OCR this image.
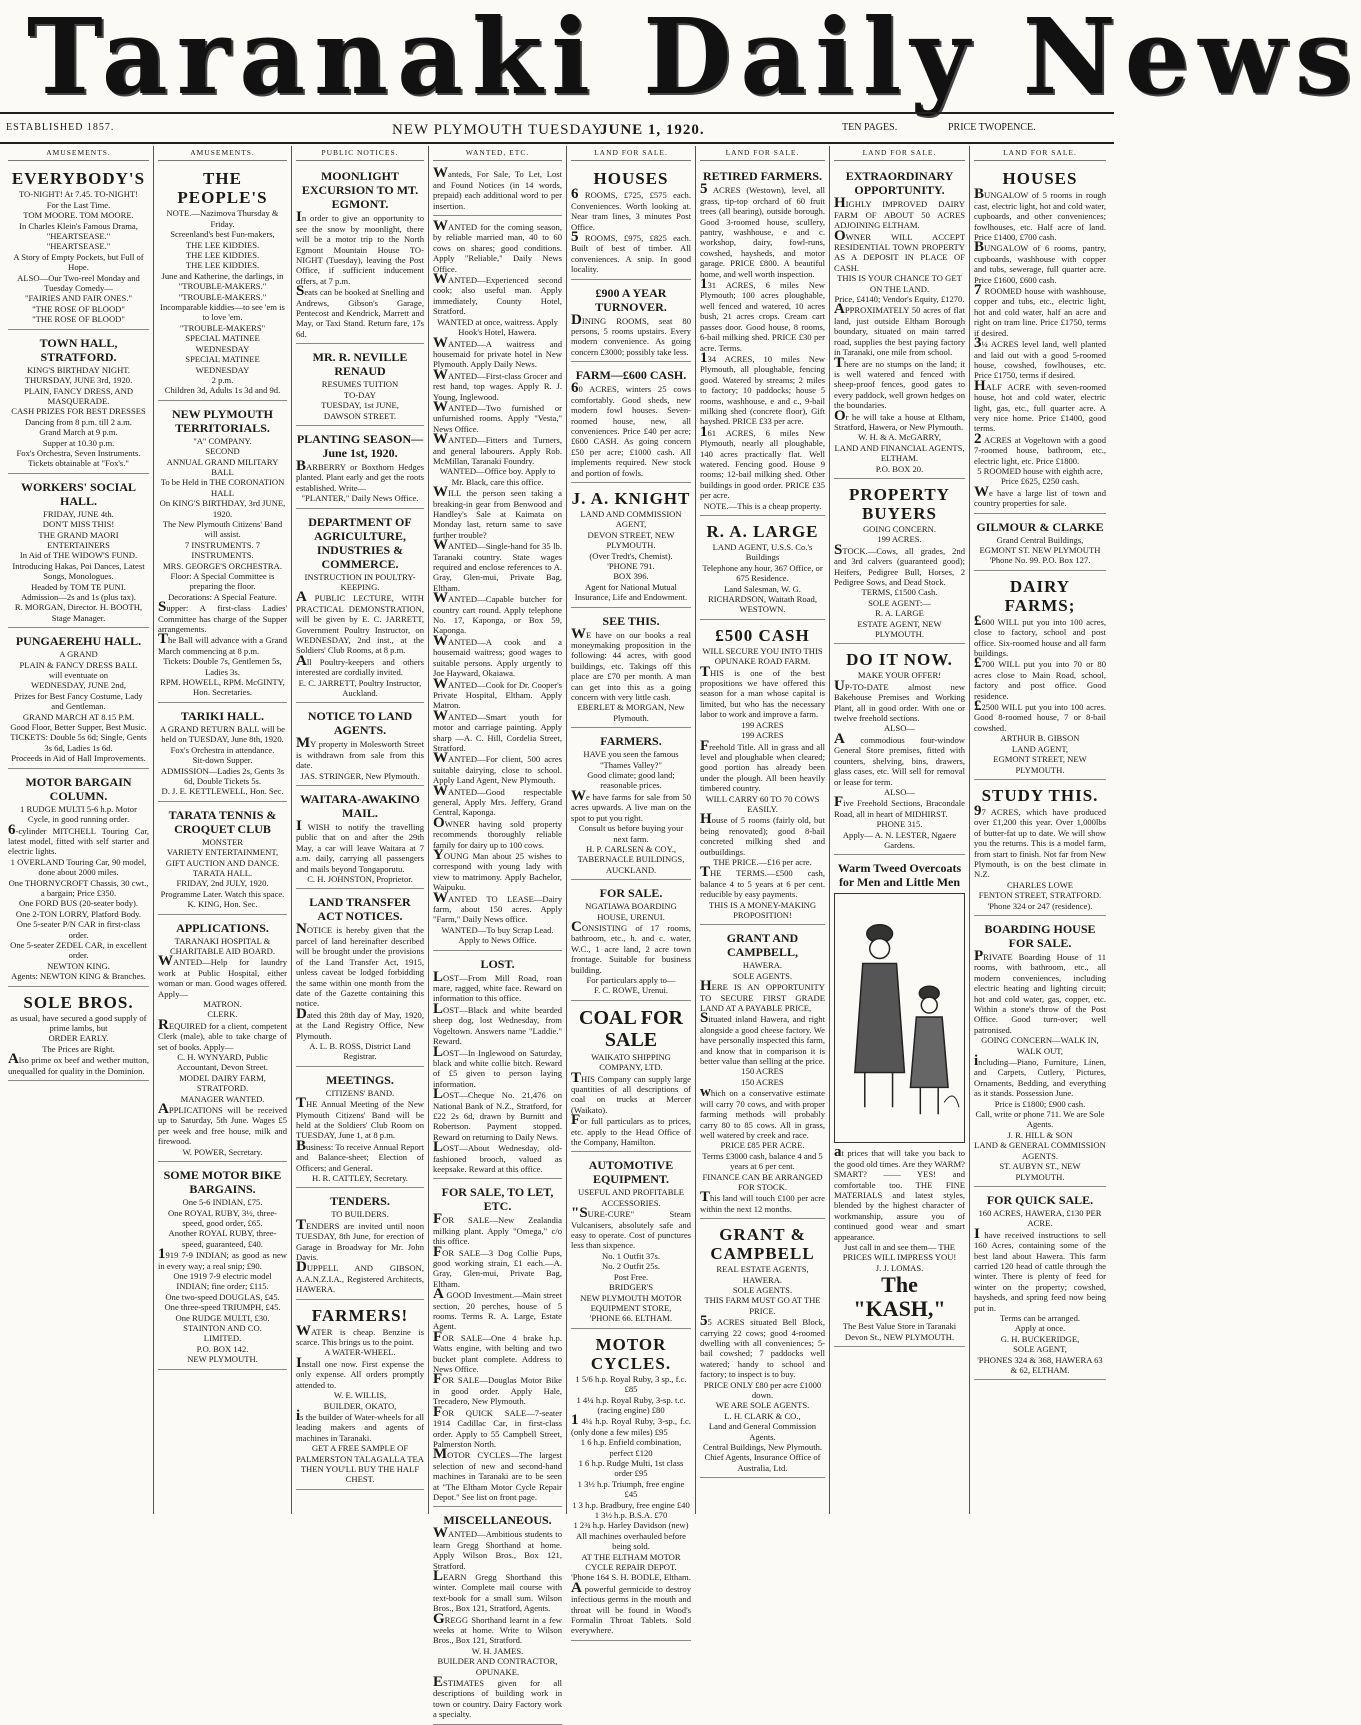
Taranaki Daily News
ESTABLISHED 1857.	NEW PLYMOUTH TUESDAY.
JUNE 1, 1920.	TEN PAGES.	PRICE TWOPENCE.
AMUSEMENTS.
EVERYBODY'S
TO-NIGHT! At 7.45. TO-NIGHT!
For the Last Time.
TOM MOORE. TOM MOORE.
In Charles Klein's Famous Drama,
"HEARTSEASE."
"HEARTSEASE."
A Story of Empty Pockets, but Full of Hope.
ALSO—Our Two-reel Monday and Tuesday Comedy—
"FAIRIES AND FAIR ONES."
"THE ROSE OF BLOOD"
"THE ROSE OF BLOOD"
TOWN HALL, STRATFORD.
KING'S BIRTHDAY NIGHT.
THURSDAY, JUNE 3rd, 1920.
PLAIN, FANCY DRESS, AND MASQUERADE.
CASH PRIZES FOR BEST DRESSES
Dancing from 8 p.m. till 2 a.m.
Grand March at 9 p.m.
Supper at 10.30 p.m.
Fox's Orchestra, Seven Instruments.
Tickets obtainable at "Fox's."
WORKERS' SOCIAL HALL.
FRIDAY, JUNE 4th.
DON'T MISS THIS!
THE GRAND MAORI ENTERTAINERS
In Aid of THE WIDOW'S FUND.
Introducing Hakas, Poi Dances, Latest Songs, Monologues.
Headed by TOM TE PUNI.
Admission—2s and 1s (plus tax).
R. MORGAN, Director. H. BOOTH, Stage Manager.
PUNGAEREHU HALL.
A GRAND
PLAIN & FANCY DRESS BALL
will eventuate on
WEDNESDAY, JUNE 2nd,
Prizes for Best Fancy Costume, Lady and Gentleman.
GRAND MARCH AT 8.15 P.M.
Good Floor, Better Supper, Best Music.
TICKETS: Double 5s 6d; Single, Gents 3s 6d, Ladies 1s 6d.
Proceeds in Aid of Hall Improvements.
MOTOR BARGAIN COLUMN.
1 RUDGE MULTI 5-6 h.p. Motor Cycle, in good running order.
6-cylinder MITCHELL Touring Car, latest model, fitted with self starter and electric lights.
1 OVERLAND Touring Car, 90 model, done about 2000 miles.
One THORNYCROFT Chassis, 30 cwt., a bargain; Price £350.
One FORD BUS (20-seater body).
One 2-TON LORRY, Platford Body.
One 5-seater P/N CAR in first-class order.
One 5-seater ZEDEL CAR, in excellent order.
NEWTON KING.
Agents: NEWTON KING & Branches.
SOLE BROS.
as usual, have secured a good supply of prime lambs, but
ORDER EARLY.
The Prices are Right.
Also prime ox beef and wether mutton, unequalled for quality in the Dominion.
AMUSEMENTS.
THE PEOPLE'S
NOTE.—Nazimova Thursday & Friday.
Screenland's best Fun-makers,
THE LEE KIDDIES.
THE LEE KIDDIES.
THE LEE KIDDIES.
June and Katherine, the darlings, in
"TROUBLE-MAKERS."
"TROUBLE-MAKERS."
Incomparable kiddies—to see 'em is to love 'em.
"TROUBLE-MAKERS"
SPECIAL MATINEE WEDNESDAY
SPECIAL MATINEE WEDNESDAY
2 p.m.
Children 3d, Adults 1s 3d and 9d.
NEW PLYMOUTH TERRITORIALS.
"A" COMPANY.
SECOND
ANNUAL GRAND MILITARY
BALL
To be Held in THE CORONATION HALL
On KING'S BIRTHDAY, 3rd JUNE, 1920.
The New Plymouth Citizens' Band will assist.
7 INSTRUMENTS. 7 INSTRUMENTS.
MRS. GEORGE'S ORCHESTRA.
Floor: A Special Committee is preparing the floor.
Decorations: A Special Feature.
Supper: A first-class Ladies' Committee has charge of the Supper arrangements.
The Ball will advance with a Grand March commencing at 8 p.m.
Tickets: Double 7s, Gentlemen 5s, Ladies 3s.
RPM. HOWELL, RPM. McGINTY, Hon. Secretaries.
TARIKI HALL.
A GRAND RETURN BALL will be held on TUESDAY, June 8th, 1920.
Fox's Orchestra in attendance.
Sit-down Supper.
ADMISSION—Ladies 2s, Gents 3s 6d, Double Tickets 5s.
D. J. E. KETTLEWELL, Hon. Sec.
TARATA TENNIS & CROQUET CLUB
MONSTER
VARIETY ENTERTAINMENT,
GIFT AUCTION AND DANCE.
TARATA HALL.
FRIDAY, 2nd JULY, 1920.
Programme Later. Watch this space.
K. KING, Hon. Sec.
APPLICATIONS.
TARANAKI HOSPITAL & CHARITABLE AID BOARD.
WANTED—Help for laundry work at Public Hospital, either woman or man. Good wages offered. Apply—
MATRON.
CLERK.
REQUIRED for a client, competent Clerk (male), able to take charge of set of books. Apply—
C. H. WYNYARD, Public Accountant, Devon Street.
MODEL DAIRY FARM, STRATFORD.
MANAGER WANTED.
APPLICATIONS will be received up to Saturday, 5th June. Wages £5 per week and free house, milk and firewood.
W. POWER, Secretary.
SOME MOTOR BIKE BARGAINS.
One 5-6 INDIAN, £75.
One ROYAL RUBY, 3½, three-speed, good order, £65.
Another ROYAL RUBY, three-speed, guaranteed, £40.
1919 7-9 INDIAN; as good as new in every way; a real snip; £90.
One 1919 7-9 electric model INDIAN; fine order; £115.
One two-speed DOUGLAS, £45.
One three-speed TRIUMPH, £45.
One RUDGE MULTI, £30.
STAINTON AND CO.
LIMITED.
P.O. BOX 142.
NEW PLYMOUTH.
PUBLIC NOTICES.
MOONLIGHT EXCURSION TO MT. EGMONT.
In order to give an opportunity to see the snow by moonlight, there will be a motor trip to the North Egmont Mountain House TO-NIGHT (Tuesday), leaving the Post Office, if sufficient inducement offers, at 7 p.m.
Seats can be booked at Snelling and Andrews, Gibson's Garage, Pentecost and Kendrick, Marrett and May, or Taxi Stand. Return fare, 17s 6d.
MR. R. NEVILLE RENAUD
RESUMES TUITION
TO-DAY
TUESDAY, 1st JUNE,
DAWSON STREET.
PLANTING SEASON—June 1st, 1920.
BARBERRY or Boxthorn Hedges planted. Plant early and get the roots established. Write—
"PLANTER," Daily News Office.
DEPARTMENT OF AGRICULTURE, INDUSTRIES & COMMERCE.
INSTRUCTION IN POULTRY-KEEPING.
A PUBLIC LECTURE, WITH PRACTICAL DEMONSTRATION, will be given by E. C. JARRETT, Government Poultry Instructor, on WEDNESDAY, 2nd inst., at the Soldiers' Club Rooms, at 8 p.m.
All Poultry-keepers and others interested are cordially invited.
E. C. JARRETT, Poultry Instructor, Auckland.
NOTICE TO LAND AGENTS.
MY property in Molesworth Street is withdrawn from sale from this date.
JAS. STRINGER, New Plymouth.
WAITARA-AWAKINO MAIL.
I WISH to notify the travelling public that on and after the 29th May, a car will leave Waitara at 7 a.m. daily, carrying all passengers and mails beyond Tongaporutu.
C. H. JOHNSTON, Proprietor.
LAND TRANSFER ACT NOTICES.
NOTICE is hereby given that the parcel of land hereinafter described will be brought under the provisions of the Land Transfer Act, 1915, unless caveat be lodged forbidding the same within one month from the date of the Gazette containing this notice.
Dated this 28th day of May, 1920, at the Land Registry Office, New Plymouth.
A. L. B. ROSS, District Land Registrar.
MEETINGS.
CITIZENS' BAND.
THE Annual Meeting of the New Plymouth Citizens' Band will be held at the Soldiers' Club Room on TUESDAY, June 1, at 8 p.m.
Business: To receive Annual Report and Balance-sheet; Election of Officers; and General.
H. R. CATTLEY, Secretary.
TENDERS.
TO BUILDERS.
TENDERS are invited until noon TUESDAY, 8th June, for erection of Garage in Broadway for Mr. John Davis.
DUPPELL AND GIBSON, A.A.N.Z.I.A., Registered Architects, HAWERA.
FARMERS!
WATER is cheap. Benzine is scarce. This brings us to the point.
A WATER-WHEEL.
Install one now. First expense the only expense. All orders promptly attended to.
W. E. WILLIS,
BUILDER, OKATO,
is the builder of Water-wheels for all leading makers and agents of machines in Taranaki.
GET A FREE SAMPLE OF
PALMERSTON TALAGALLA TEA
THEN YOU'LL BUY THE HALF CHEST.
WANTED, ETC.
Wanteds, For Sale, To Let, Lost and Found Notices (in 14 words, prepaid) each additional word to per insertion.
WANTED for the coming season, by reliable married man, 40 to 60 cows on shares; good conditions. Apply "Reliable," Daily News Office.
WANTED—Experienced second cook; also useful man. Apply immediately, County Hotel, Stratford.
WANTED at once, waitress. Apply Hook's Hotel, Hawera.
WANTED—A waitress and housemaid for private hotel in New Plymouth. Apply Daily News.
WANTED—First-class Grocer and rest hand, top wages. Apply R. J. Young, Inglewood.
WANTED—Two furnished or unfurnished rooms. Apply "Vesta," News Office.
WANTED—Fitters and Turners, and general labourers. Apply Rob. McMillan, Taranaki Foundry.
WANTED—Office boy. Apply to Mr. Black, care this office.
WILL the person seen taking a breaking-in gear from Benwood and Handley's Sale at Kaimata on Monday last, return same to save further trouble?
WANTED—Single-hand for 35 lb. Taranaki country. State wages required and enclose references to A. Gray, Glen-mui, Private Bag, Eltham.
WANTED—Capable butcher for country cart round. Apply telephone No. 17, Kaponga, or Box 59, Kaponga.
WANTED—A cook and a housemaid waitress; good wages to suitable persons. Apply urgently to Joe Hayward, Okaiawa.
WANTED—Cook for Dr. Cooper's Private Hospital, Eltham. Apply Matron.
WANTED—Smart youth for motor and carriage painting. Apply sharp —A. C. Hill, Cordelia Street, Stratford.
WANTED—For client, 500 acres suitable dairying, close to school. Apply Land Agent, New Plymouth.
WANTED—Good respectable general, Apply Mrs. Jeffery, Grand Central, Kaponga.
OWNER having sold property recommends thoroughly reliable family for dairy up to 100 cows.
YOUNG Man about 25 wishes to correspond with young lady with view to matrimony. Apply Bachelor, Waipuku.
WANTED TO LEASE—Dairy farm, about 150 acres. Apply "Farm," Daily News office.
WANTED—To buy Scrap Lead. Apply to News Office.
LOST.
LOST—From Mill Road, roan mare, ragged, white face. Reward on information to this office.
LOST—Black and white bearded sheep dog, lost Wednesday, from Vogeltown. Answers name "Laddie." Reward.
LOST—In Inglewood on Saturday, black and white collie bitch. Reward of £5 given to person laying information.
LOST—Cheque No. 21,476 on National Bank of N.Z., Stratford, for £22 2s 6d, drawn by Burnitt and Robertson. Payment stopped. Reward on returning to Daily News.
LOST—About Wednesday, old-fashioned brooch, valued as keepsake. Reward at this office.
FOR SALE, TO LET, ETC.
FOR SALE—New Zealandia milking plant. Apply "Omega," c/o this office.
FOR SALE—3 Dog Collie Pups, good working strain, £1 each.—A. Gray, Glen-mui, Private Bag, Eltham.
A GOOD Investment.—Main street section, 20 perches, house of 5 rooms. Terms R. A. Large, Estate Agent.
FOR SALE—One 4 brake h.p. Watts engine, with belting and two bucket plant complete. Address to News Office.
FOR SALE—Douglas Motor Bike in good order. Apply Hale, Trecadero, New Plymouth.
FOR QUICK SALE—7-seater 1914 Cadillac Car, in first-class order. Apply to 55 Campbell Street, Palmerston North.
MOTOR CYCLES—The largest selection of new and second-hand machines in Taranaki are to be seen at "The Eltham Motor Cycle Repair Depot." See list on front page.
MISCELLANEOUS.
WANTED—Ambitious students to learn Gregg Shorthand at home. Apply Wilson Bros., Box 121, Stratford.
LEARN Gregg Shorthand this winter. Complete mail course with text-book for a small sum. Wilson Bros., Box 121, Stratford, Agents.
GREGG Shorthand learnt in a few weeks at home. Write to Wilson Bros., Box 121, Stratford.
W. H. JAMES.
BUILDER AND CONTRACTOR, OPUNAKE.
ESTIMATES given for all descriptions of building work in town or country. Dairy Factory work a specialty.
LAND FOR SALE.
HOUSES
6 ROOMS, £725, £575 each. Conveniences. Worth looking at. Near tram lines, 3 minutes Post Office.
5 ROOMS, £975, £825 each. Built of best of timber. All conveniences. A snip. In good locality.
£900 A YEAR TURNOVER.
DINING ROOMS, seat 80 persons, 5 rooms upstairs. Every modern convenience. As going concern £3000; possibly take less.
FARM—£600 CASH.
60 ACRES, winters 25 cows comfortably. Good sheds, new modern fowl houses. Seven-roomed house, new, all conveniences. Price £40 per acre; £600 CASH. As going concern £50 per acre; £1000 cash. All implements required. New stock and portion of fowls.
J. A. KNIGHT
LAND AND COMMISSION AGENT,
DEVON STREET, NEW PLYMOUTH.
(Over Tredt's, Chemist).
'PHONE 791.
BOX 396.
Agent for National Mutual Insurance, Life and Endowment.
SEE THIS.
WE have on our books a real moneymaking proposition in the following: 44 acres, with good buildings, etc. Takings off this place are £70 per month. A man can get into this as a going concern with very little cash.
EBERLET & MORGAN, New Plymouth.
FARMERS.
HAVE you seen the famous "Thames Valley?"
Good climate; good land; reasonable prices.
We have farms for sale from 50 acres upwards. A live man on the spot to put you right.
Consult us before buying your next farm.
H. P. CARLSEN & COY.,
TABERNACLE BUILDINGS, AUCKLAND.
FOR SALE.
NGATIAWA BOARDING HOUSE, URENUI.
CONSISTING of 17 rooms, bathroom, etc., h. and c. water, W.C., 1 acre land, 2 acre town frontage. Suitable for business building.
For particulars apply to—
F. C. ROWE, Urenui.
COAL FOR SALE
WAIKATO SHIPPING COMPANY, LTD.
THIS Company can supply large quantities of all descriptions of coal on trucks at Mercer (Waikato).
For full particulars as to prices, etc. apply to the Head Office of the Company, Hamilton.
AUTOMOTIVE EQUIPMENT.
USEFUL AND PROFITABLE ACCESSORIES.
"SURE-CURE" Steam Vulcanisers, absolutely safe and easy to operate. Cost of punctures less than sixpence.
No. 1 Outfit 37s.
No. 2 Outfit 25s.
Post Free.
BRIDGER'S
NEW PLYMOUTH MOTOR EQUIPMENT STORE,
'PHONE 66. ELTHAM.
MOTOR CYCLES.
1 5/6 h.p. Royal Ruby, 3 sp., f.c. £85
1 4¼ h.p. Royal Ruby, 3-sp. t.c. (racing engine) £80
1 4¼ h.p. Royal Ruby, 3-sp., f.c. (only done a few miles) £95
1 6 h.p. Enfield combination, perfect £120
1 6 h.p. Rudge Multi, 1st class order £95
1 3½ h.p. Triumph, free engine £45
1 3 h.p. Bradbury, free engine £40
1 3½ h.p. B.S.A. £70
1 2¾ h.p. Harley Davidson (new)
All machines overhauled before being sold.
AT THE ELTHAM MOTOR CYCLE REPAIR DEPOT.
'Phone 164 S. H. BODLE, Eltham.
A powerful germicide to destroy infectious germs in the mouth and throat will be found in Wood's Formalin Throat Tablets. Sold everywhere.
LAND FOR SALE.
RETIRED FARMERS.
5 ACRES (Westown), level, all grass, tip-top orchard of 60 fruit trees (all bearing), outside borough. Good 3-roomed house, scullery, pantry, washhouse, e and c. workshop, dairy, fowl-runs, cowshed, haysheds, and motor garage. PRICE £800. A beautiful home, and well worth inspection.
131 ACRES, 6 miles New Plymouth; 100 acres ploughable, well fenced and watered, 10 acres bush, 21 acres crops. Cream cart passes door. Good house, 8 rooms, 6-bail milking shed. PRICE £30 per acre. Terms.
134 ACRES, 10 miles New Plymouth, all ploughable, fencing good. Watered by streams; 2 miles to factory; 10 paddocks; house 5 rooms, washhouse, e and c., 9-bail milking shed (concrete floor), Gift hayshed. PRICE £33 per acre.
161 ACRES, 6 miles New Plymouth, nearly all ploughable, 140 acres practically flat. Well watered. Fencing good. House 9 rooms; 12-bail milking shed. Other buildings in good order. PRICE £35 per acre.
NOTE.—This is a cheap property.
R. A. LARGE
LAND AGENT, U.S.S. Co.'s Buildings
Telephone any hour, 367 Office, or 675 Residence.
Land Salesman, W. G. RICHARDSON, Waitath Road, WESTOWN.
£500 CASH
WILL SECURE YOU INTO THIS
OPUNAKE ROAD FARM.
THIS is one of the best propositions we have offered this season for a man whose capital is limited, but who has the necessary labor to work and improve a farm.
199 ACRES
199 ACRES
Freehold Title. All in grass and all level and ploughable when cleared; good portion has already been under the plough. All been heavily timbered country.
WILL CARRY 60 TO 70 COWS EASILY.
House of 5 rooms (fairly old, but being renovated); good 8-bail concreted milking shed and outbuildings.
THE PRICE.—£16 per acre.
THE TERMS.—£500 cash, balance 4 to 5 years at 6 per cent. reducible by easy payments.
THIS IS A MONEY-MAKING PROPOSITION!
GRANT AND CAMPBELL,
HAWERA.
SOLE AGENTS.
HERE IS AN OPPORTUNITY TO SECURE FIRST GRADE LAND AT A PAYABLE PRICE,
Situated inland Hawera, and right alongside a good cheese factory. We have personally inspected this farm, and know that in comparison it is better value than selling at the price.
150 ACRES
150 ACRES
which on a conservative estimate will carry 70 cows, and with proper farming methods will probably carry 80 to 85 cows. All in grass, well watered by creek and race.
PRICE £85 PER ACRE.
Terms £3000 cash, balance 4 and 5 years at 6 per cent.
FINANCE CAN BE ARRANGED FOR STOCK.
This land will touch £100 per acre within the next 12 months.
GRANT & CAMPBELL
REAL ESTATE AGENTS,
HAWERA.
SOLE AGENTS.
THIS FARM MUST GO AT THE PRICE.
55 ACRES situated Bell Block, carrying 22 cows; good 4-roomed dwelling with all conveniences; 5-bail cowshed; 7 paddocks well watered; handy to school and factory; to inspect is to buy.
PRICE ONLY £80 per acre £1000 down.
WE ARE SOLE AGENTS.
L. H. CLARK & CO.,
Land and General Commission Agents.
Central Buildings, New Plymouth.
Chief Agents, Insurance Office of Australia, Ltd.
LAND FOR SALE.
EXTRAORDINARY OPPORTUNITY.
HIGHLY IMPROVED DAIRY FARM OF ABOUT 50 ACRES ADJOINING ELTHAM.
OWNER WILL ACCEPT RESIDENTIAL TOWN PROPERTY AS A DEPOSIT IN PLACE OF CASH.
THIS IS YOUR CHANCE TO GET ON THE LAND.
Price, £4140; Vendor's Equity, £1270.
APPROXIMATELY 50 acres of flat land, just outside Eltham Borough boundary, situated on main tarred road, supplies the best paying factory in Taranaki, one mile from school.
There are no stumps on the land; it is well watered and fenced with sheep-proof fences, good gates to every paddock, well grown hedges on the boundaries.
Or he will take a house at Eltham, Stratford, Hawera, or New Plymouth.
W. H. & A. McGARRY,
LAND AND FINANCIAL AGENTS,
ELTHAM.
P.O. BOX 20.
PROPERTY BUYERS
GOING CONCERN.
199 ACRES.
STOCK.—Cows, all grades, 2nd and 3rd calvers (guaranteed good); Heifers, Pedigree Bull, Horses, 2 Pedigree Sows, and Dead Stock.
TERMS, £1500 Cash.
SOLE AGENT:—
R. A. LARGE
ESTATE AGENT, NEW PLYMOUTH.
DO IT NOW.
MAKE YOUR OFFER!
UP-TO-DATE almost new Bakehouse Premises and Working Plant, all in good order. With one or twelve freehold sections.
ALSO—
A commodious four-window General Store premises, fitted with counters, shelving, bins, drawers, glass cases, etc. Will sell for removal or lease for term.
ALSO—
Five Freehold Sections, Bracondale Road, all in heart of MIDHIRST.
PHONE 315.
Apply— A. N. LESTER, Ngaere Gardens.
Warm Tweed Overcoats for Men and Little Men
at prices that will take you back to the good old times. Are they WARM? SMART? —— YES! and comfortable too. THE FINE MATERIALS and latest styles, blended by the highest character of workmanship, assure you of continued good wear and smart appearance.
Just call in and see them— THE PRICES WILL IMPRESS YOU!
J. J. LOMAS.
The "KASH,"
The Best Value Store in Taranaki
Devon St., NEW PLYMOUTH.
LAND FOR SALE.
HOUSES
BUNGALOW of 5 rooms in rough cast, electric light, hot and cold water, cupboards, and other conveniences; fowlhouses, etc. Half acre of land. Price £1400, £700 cash.
BUNGALOW of 6 rooms, pantry, cupboards, washhouse with copper and tubs, sewerage, full quarter acre. Price £1600, £600 cash.
7 ROOMED house with washhouse, copper and tubs, etc., electric light, hot and cold water, half an acre and right on tram line. Price £1750, terms if desired.
3¼ ACRES level land, well planted and laid out with a good 5-roomed house, cowshed, fowlhouses, etc. Price £1750, terms if desired.
HALF ACRE with seven-roomed house, hot and cold water, electric light, gas, etc., full quarter acre. A very nice home. Price £1400, good terms.
2 ACRES at Vogeltown with a good 7-roomed house, bathroom, etc., electric light, etc. Price £1800.
5 ROOMED house with eighth acre, Price £625, £250 cash.
We have a large list of town and country properties for sale.
GILMOUR & CLARKE
Grand Central Buildings,
EGMONT ST. NEW PLYMOUTH
'Phone No. 99. P.O. Box 127.
DAIRY FARMS;
£600 WILL put you into 100 acres, close to factory, school and post office. Six-roomed house and all farm buildings.
£700 WILL put you into 70 or 80 acres close to Main Road, school, factory and post office. Good residence.
£2500 WILL put you into 100 acres. Good 8-roomed house, 7 or 8-bail cowshed.
ARTHUR B. GIBSON
LAND AGENT,
EGMONT STREET, NEW PLYMOUTH.
STUDY THIS.
97 ACRES, which have produced over £1,200 this year. Over 1,000lbs of butter-fat up to date. We will show you the returns. This is a model farm, from start to finish. Not far from New Plymouth, is on the best climate in N.Z.
CHARLES LOWE
FENTON STREET, STRATFORD.
'Phone 324 or 247 (residence).
BOARDING HOUSE FOR SALE.
PRIVATE Boarding House of 11 rooms, with bathroom, etc., all modern conveniences, including electric heating and lighting circuit; hot and cold water, gas, copper, etc. Within a stone's throw of the Post Office. Good turn-over; well patronised.
GOING CONCERN—WALK IN, WALK OUT,
including—Piano, Furniture, Linen, and Carpets, Cutlery, Pictures, Ornaments, Bedding, and everything as it stands. Possession June.
Price is £1800; £900 cash.
Call, write or phone 711. We are Sole Agents.
J. R. HILL & SON
LAND & GENERAL COMMISSION AGENTS.
ST. AUBYN ST., NEW PLYMOUTH.
FOR QUICK SALE.
160 ACRES, HAWERA, £130 PER ACRE.
I have received instructions to sell 160 Acres, containing some of the best land about Hawera. This farm carried 120 head of cattle through the winter. There is plenty of feed for winter on the property; cowshed, haysheds, and spring feed now being put in.
Terms can be arranged.
Apply at once.
G. H. BUCKERIDGE,
SOLE AGENT,
'PHONES 324 & 368, HAWERA 63 & 62, ELTHAM.
